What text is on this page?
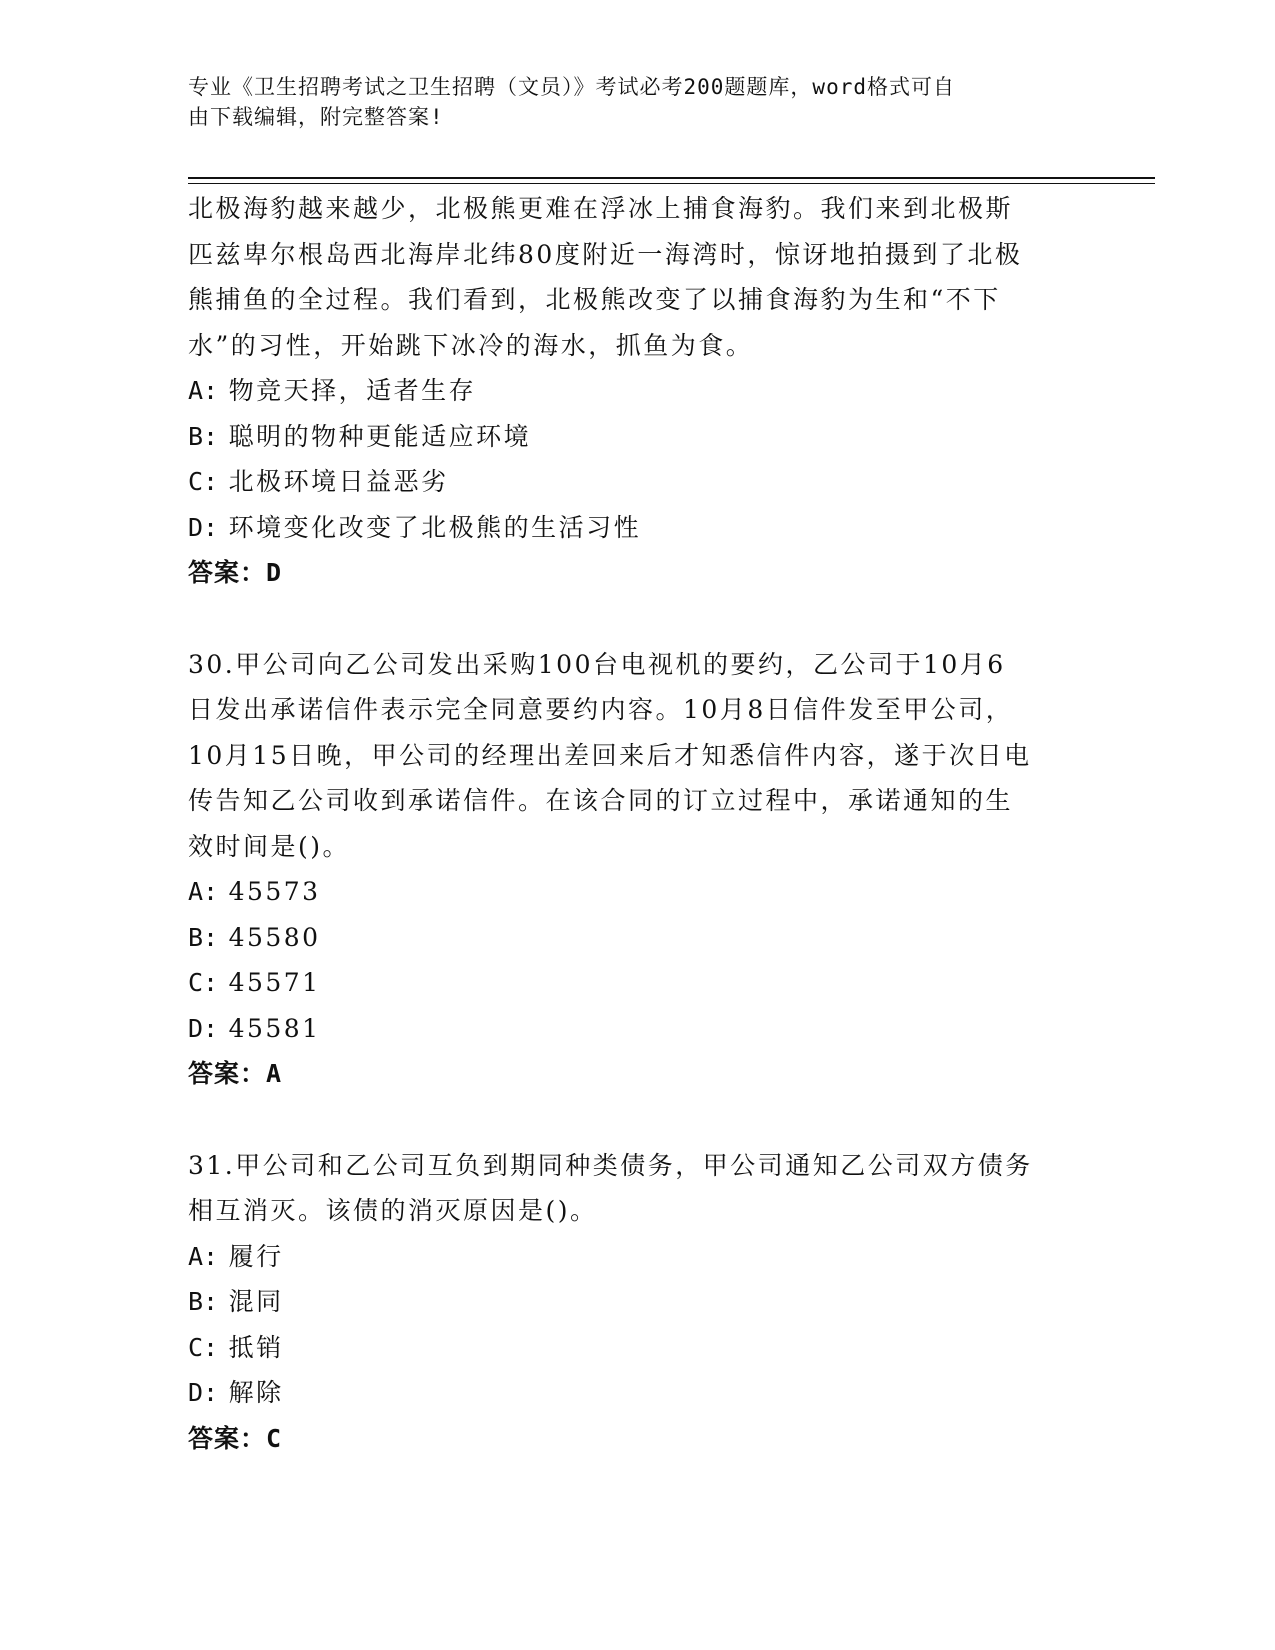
专业《卫生招聘考试之卫生招聘（文员）》考试必考200题题库，word格式可自
由下载编辑，附完整答案!
北极海豹越来越少，北极熊更难在浮冰上捕食海豹。我们来到北极斯
匹兹卑尔根岛西北海岸北纬80度附近一海湾时，惊讶地拍摄到了北极
熊捕鱼的全过程。我们看到，北极熊改变了以捕食海豹为生和“不下
水”的习性，开始跳下冰冷的海水，抓鱼为食。
A: 物竞天择，适者生存
B: 聪明的物种更能适应环境
C: 北极环境日益恶劣
D: 环境变化改变了北极熊的生活习性
答案：D
30.甲公司向乙公司发出采购100台电视机的要约，乙公司于10月6
日发出承诺信件表示完全同意要约内容。10月8日信件发至甲公司，
10月15日晚，甲公司的经理出差回来后才知悉信件内容，遂于次日电
传告知乙公司收到承诺信件。在该合同的订立过程中，承诺通知的生
效时间是()。
A: 45573
B: 45580
C: 45571
D: 45581
答案：A
31.甲公司和乙公司互负到期同种类债务，甲公司通知乙公司双方债务
相互消灭。该债的消灭原因是()。
A: 履行
B: 混同
C: 抵销
D: 解除
答案：C
